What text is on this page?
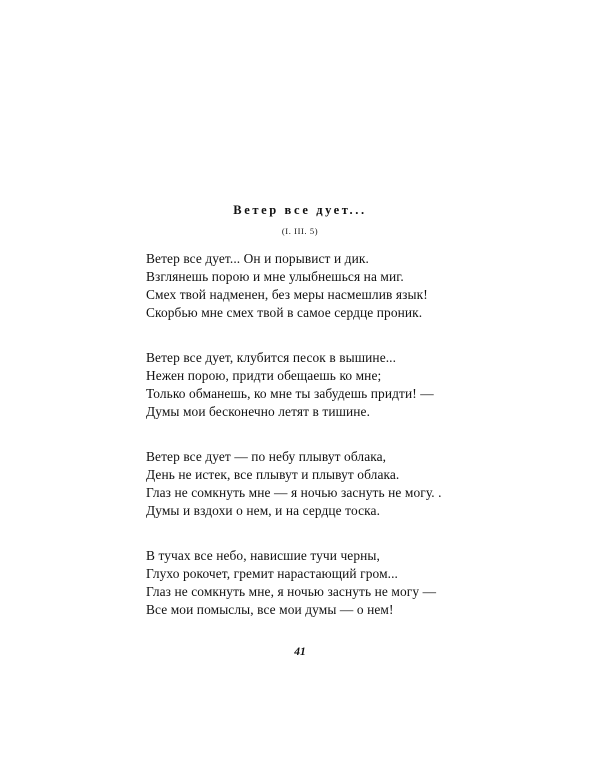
Ветер все дует...
(I. III. 5)
Ветер все дует... Он и порывист и дик.
Взглянешь порою и мне улыбнешься на миг.
Смех твой надменен, без меры насмешлив язык!
Скорбью мне смех твой в самое сердце проник.
Ветер все дует, клубится песок в вышине...
Нежен порою, придти обещаешь ко мне;
Только обманешь, ко мне ты забудешь придти! —
Думы мои бесконечно летят в тишине.
Ветер все дует — по небу плывут облака,
День не истек, все плывут и плывут облака.
Глаз не сомкнуть мне — я ночью заснуть не могу. .
Думы и вздохи о нем, и на сердце тоска.
В тучах все небо, нависшие тучи черны,
Глухо рокочет, гремит нарастающий гром...
Глаз не сомкнуть мне, я ночью заснуть не могу —
Все мои помыслы, все мои думы — о нем!
41
